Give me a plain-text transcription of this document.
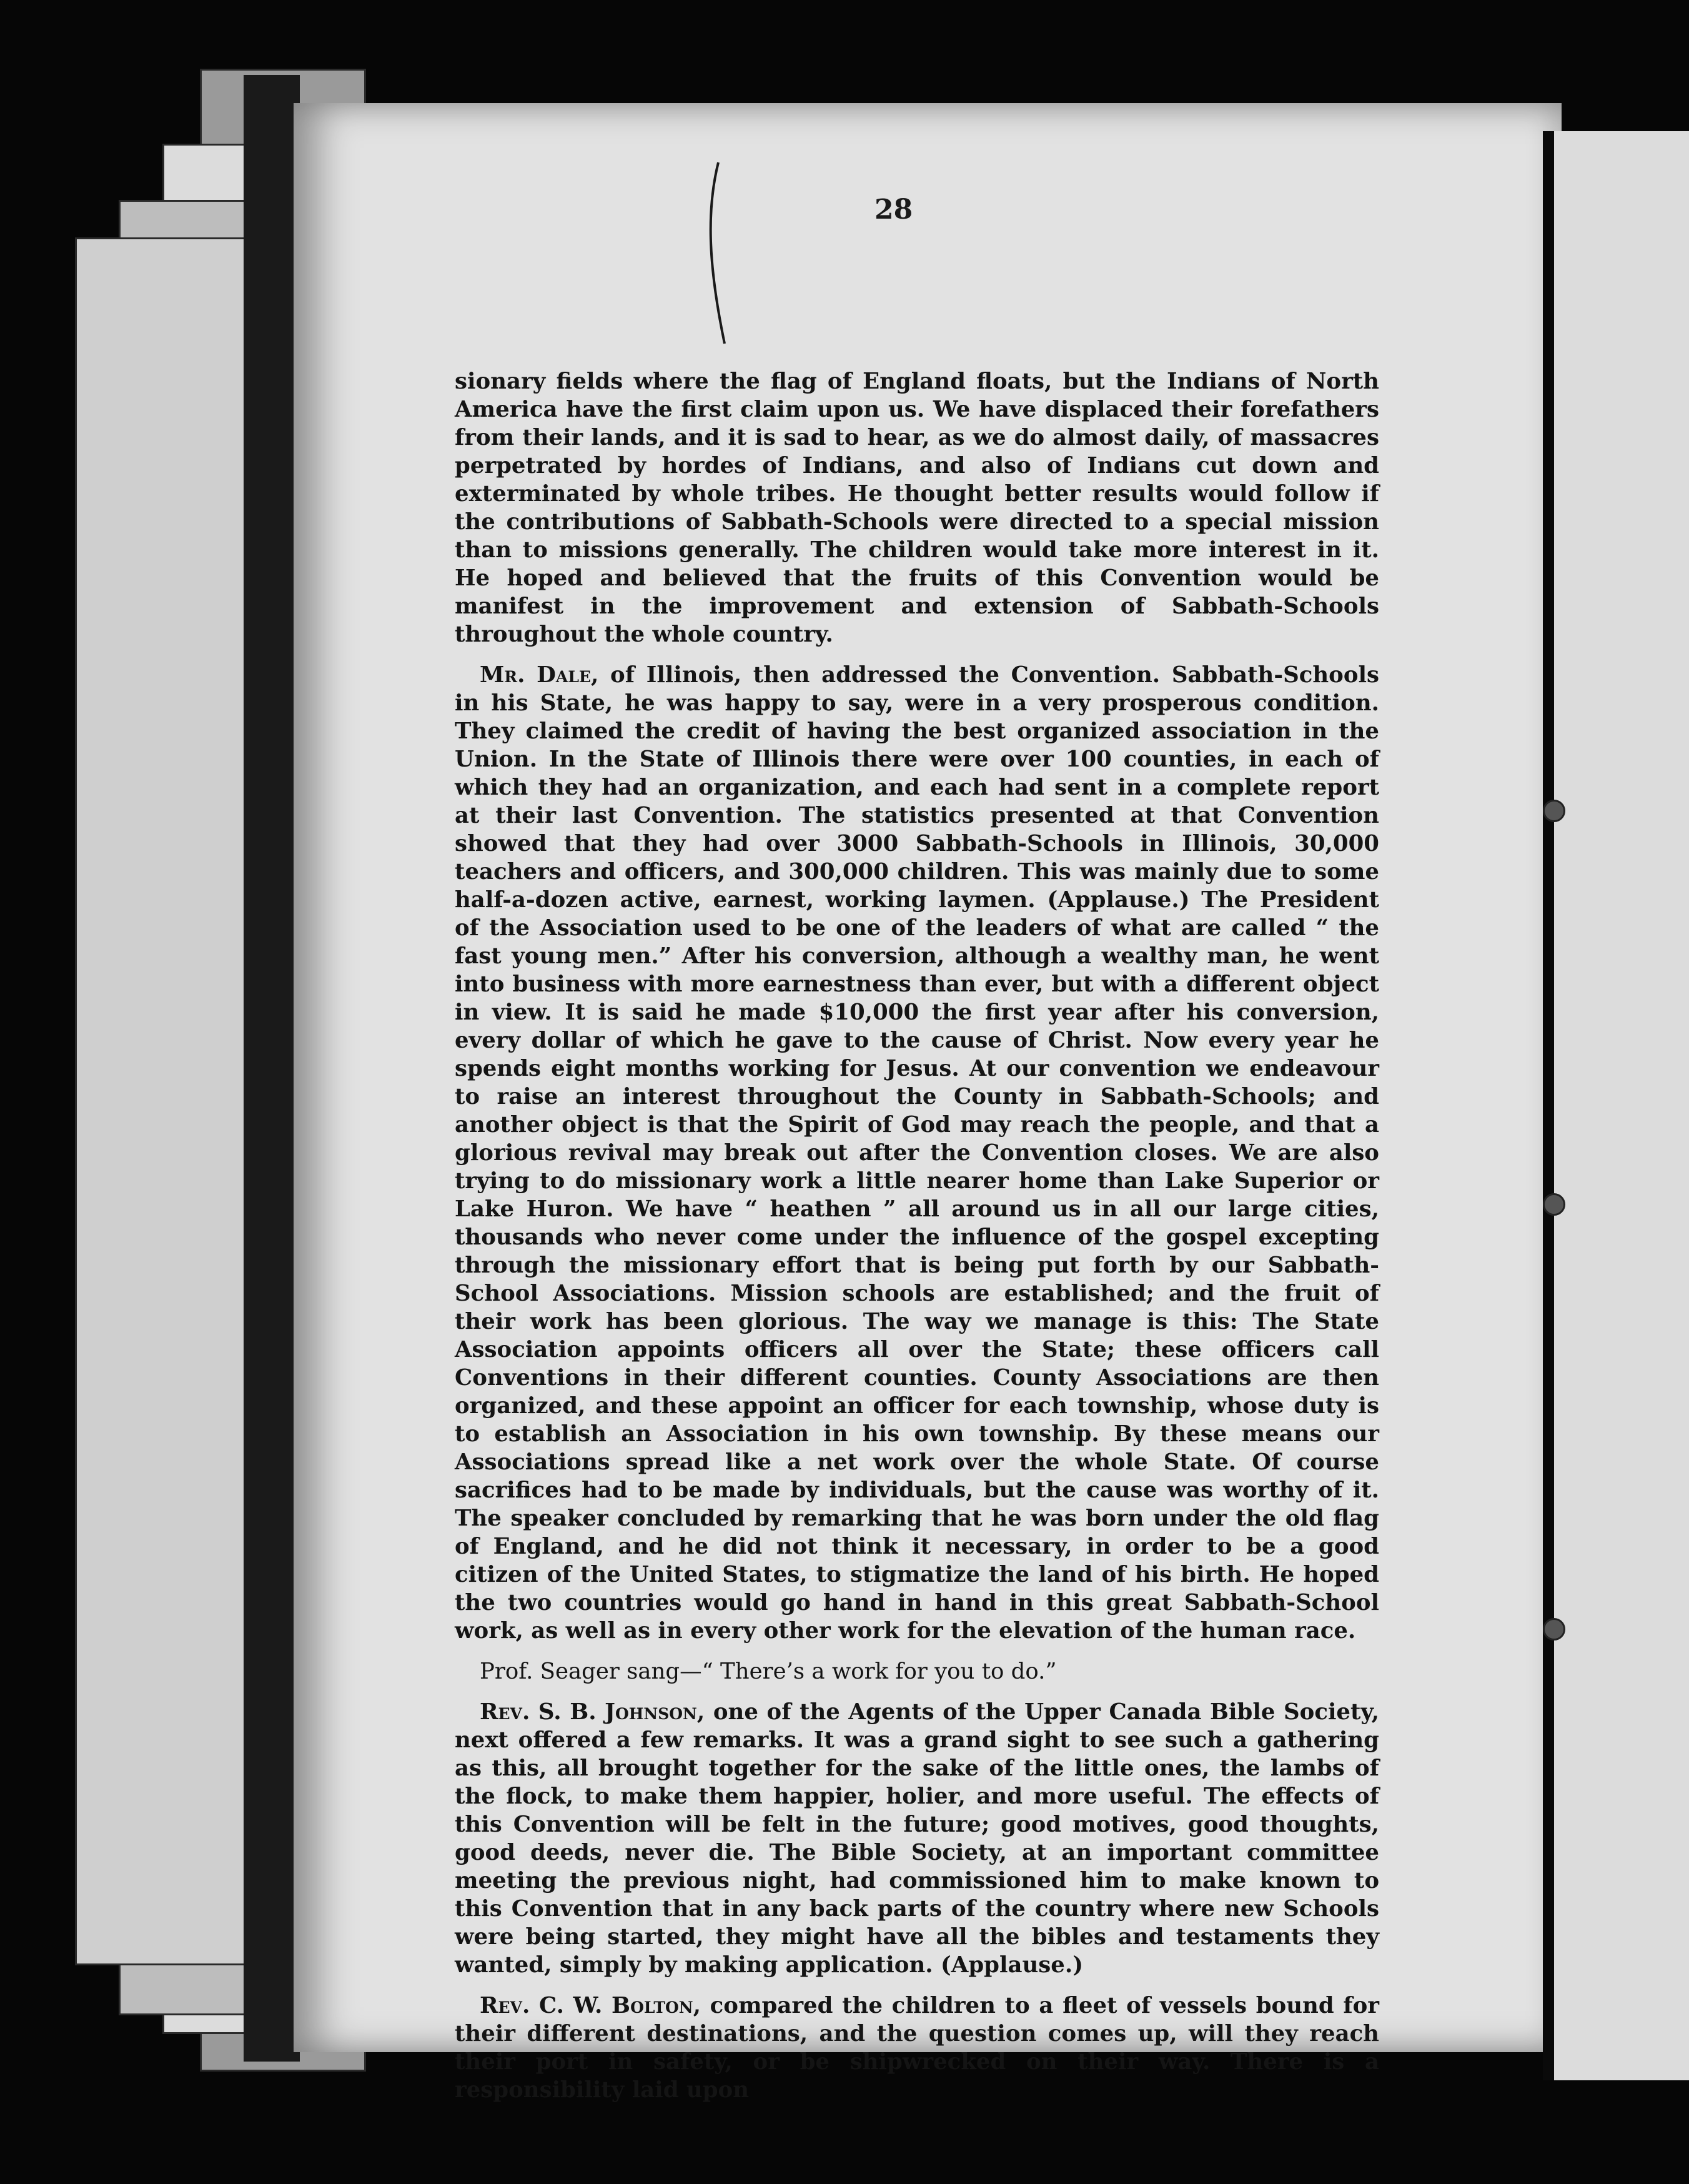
28

sionary fields where the flag of England floats, but the Indians of North America have the first claim upon us. We have displaced their forefathers from their lands, and it is sad to hear, as we do almost daily, of massacres perpetrated by hordes of Indians, and also of Indians cut down and exterminated by whole tribes. He thought better results would follow if the contributions of Sabbath-Schools were directed to a special mission than to missions generally. The children would take more interest in it. He hoped and believed that the fruits of this Convention would be manifest in the improvement and extension of Sabbath-Schools throughout the whole country.

Mr. Dale, of Illinois, then addressed the Convention. Sabbath-Schools in his State, he was happy to say, were in a very prosperous condition. They claimed the credit of having the best organized association in the Union. In the State of Illinois there were over 100 counties, in each of which they had an organization, and each had sent in a complete report at their last Convention. The statistics presented at that Convention showed that they had over 3000 Sabbath-Schools in Illinois, 30,000 teachers and officers, and 300,000 children. This was mainly due to some half-a-dozen active, earnest, working laymen. (Applause.) The President of the Association used to be one of the leaders of what are called “ the fast young men.” After his conversion, although a wealthy man, he went into business with more earnestness than ever, but with a different object in view. It is said he made $10,000 the first year after his conversion, every dollar of which he gave to the cause of Christ. Now every year he spends eight months working for Jesus. At our convention we endeavour to raise an interest throughout the County in Sabbath-Schools; and another object is that the Spirit of God may reach the people, and that a glorious revival may break out after the Convention closes. We are also trying to do missionary work a little nearer home than Lake Superior or Lake Huron. We have “ heathen ” all around us in all our large cities, thousands who never come under the influence of the gospel excepting through the missionary effort that is being put forth by our Sabbath-School Associations. Mission schools are established; and the fruit of their work has been glorious. The way we manage is this: The State Association appoints officers all over the State; these officers call Conventions in their different counties. County Associations are then organized, and these appoint an officer for each township, whose duty is to establish an Association in his own township. By these means our Associations spread like a net work over the whole State. Of course sacrifices had to be made by individuals, but the cause was worthy of it. The speaker concluded by remarking that he was born under the old flag of England, and he did not think it necessary, in order to be a good citizen of the United States, to stigmatize the land of his birth. He hoped the two countries would go hand in hand in this great Sabbath-School work, as well as in every other work for the elevation of the human race.

Prof. Seager sang—“ There’s a work for you to do.”

Rev. S. B. Johnson, one of the Agents of the Upper Canada Bible Society, next offered a few remarks. It was a grand sight to see such a gathering as this, all brought together for the sake of the little ones, the lambs of the flock, to make them happier, holier, and more useful. The effects of this Convention will be felt in the future; good motives, good thoughts, good deeds, never die. The Bible Society, at an important committee meeting the previous night, had commissioned him to make known to this Convention that in any back parts of the country where new Schools were being started, they might have all the bibles and testaments they wanted, simply by making application. (Applause.)

Rev. C. W. Bolton, compared the children to a fleet of vessels bound for their different destinations, and the question comes up, will they reach their port in safety, or be shipwrecked on their way. There is a responsibility laid upon
